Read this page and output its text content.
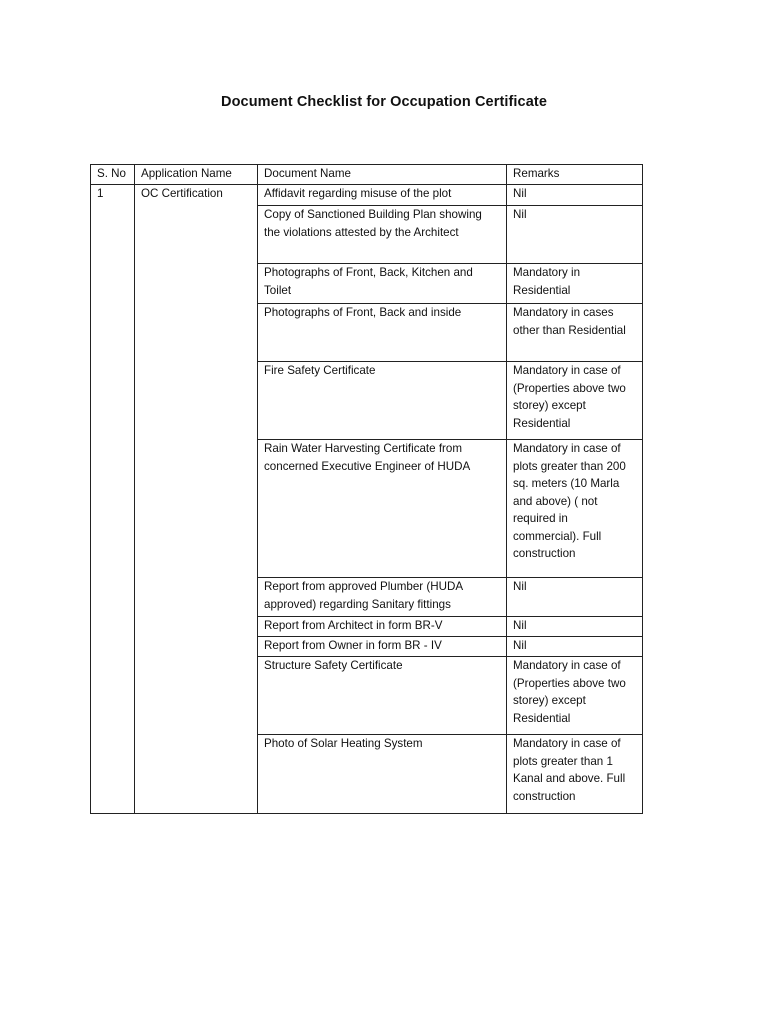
Document Checklist for Occupation Certificate
S. No	Application Name	Document Name	Remarks
1	OC Certification	Affidavit regarding misuse of the plot	Nil
		Copy of Sanctioned Building Plan showing the violations attested by the Architect	Nil
		Photographs of Front, Back, Kitchen and Toilet	Mandatory in Residential
		Photographs of Front, Back and inside	Mandatory in cases other than Residential
		Fire Safety Certificate	Mandatory in case of (Properties above two storey) except Residential
		Rain Water Harvesting Certificate from concerned Executive Engineer of HUDA	Mandatory in case of plots greater than 200 sq. meters (10 Marla and above) ( not required in commercial). Full construction
		Report from approved Plumber (HUDA approved) regarding Sanitary fittings	Nil
		Report from Architect in form BR-V	Nil
		Report from Owner in form BR - IV	Nil
		Structure Safety Certificate	Mandatory in case of (Properties above two storey) except Residential
		Photo of Solar Heating System	Mandatory in case of plots greater than 1 Kanal and above. Full construction
